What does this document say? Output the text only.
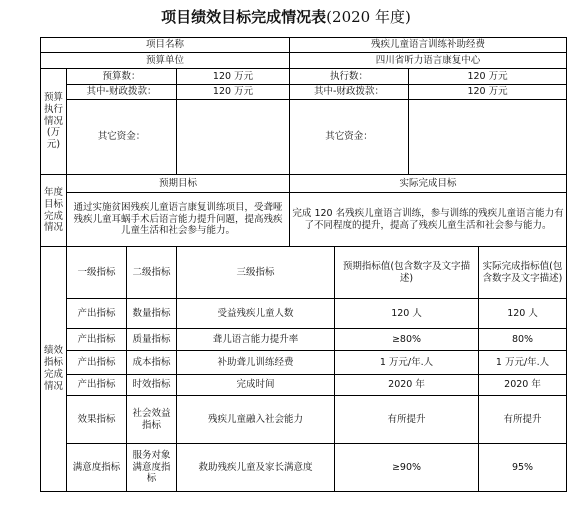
项目绩效目标完成情况表(2020 年度)
项目名称				残疾儿童语言训练补助经费			
预算单位				四川省听力语言康复中心			
预算执行情况(万元)	预算数：		120 万元	执行数：		120 万元	
	其中-财政拨款：		120 万元	其中-财政拨款：		120 万元	
	其它资金：			其它资金：			
年度目标完成情况	预期目标			实际完成目标			
	通过实施贫困残疾儿童语言康复训练项目，受聋哑残疾儿童耳蜗手术后语言能力提升问题，提高残疾儿童生活和社会参与能力。			完成 120 名残疾儿童语言训练，参与训练的残疾儿童语言能力有了不同程度的提升，提高了残疾儿童生活和社会参与能力。			
绩效指标完成情况	一级指标	二级指标	三级指标		预期指标值(包含数字及文字描述)		实际完成指标值(包含数字及文字描述)
	产出指标	数量指标	受益残疾儿童人数		120 人		120 人
	产出指标	质量指标	聋儿语言能力提升率		≥80%		80%
	产出指标	成本指标	补助聋儿训练经费		1 万元/年.人		1 万元/年.人
	产出指标	时效指标	完成时间		2020 年		2020 年
	效果指标	社会效益指标	残疾儿童融入社会能力		有所提升		有所提升
	满意度指标	服务对象满意度指标	救助残疾儿童及家长满意度		≥90%		95%
